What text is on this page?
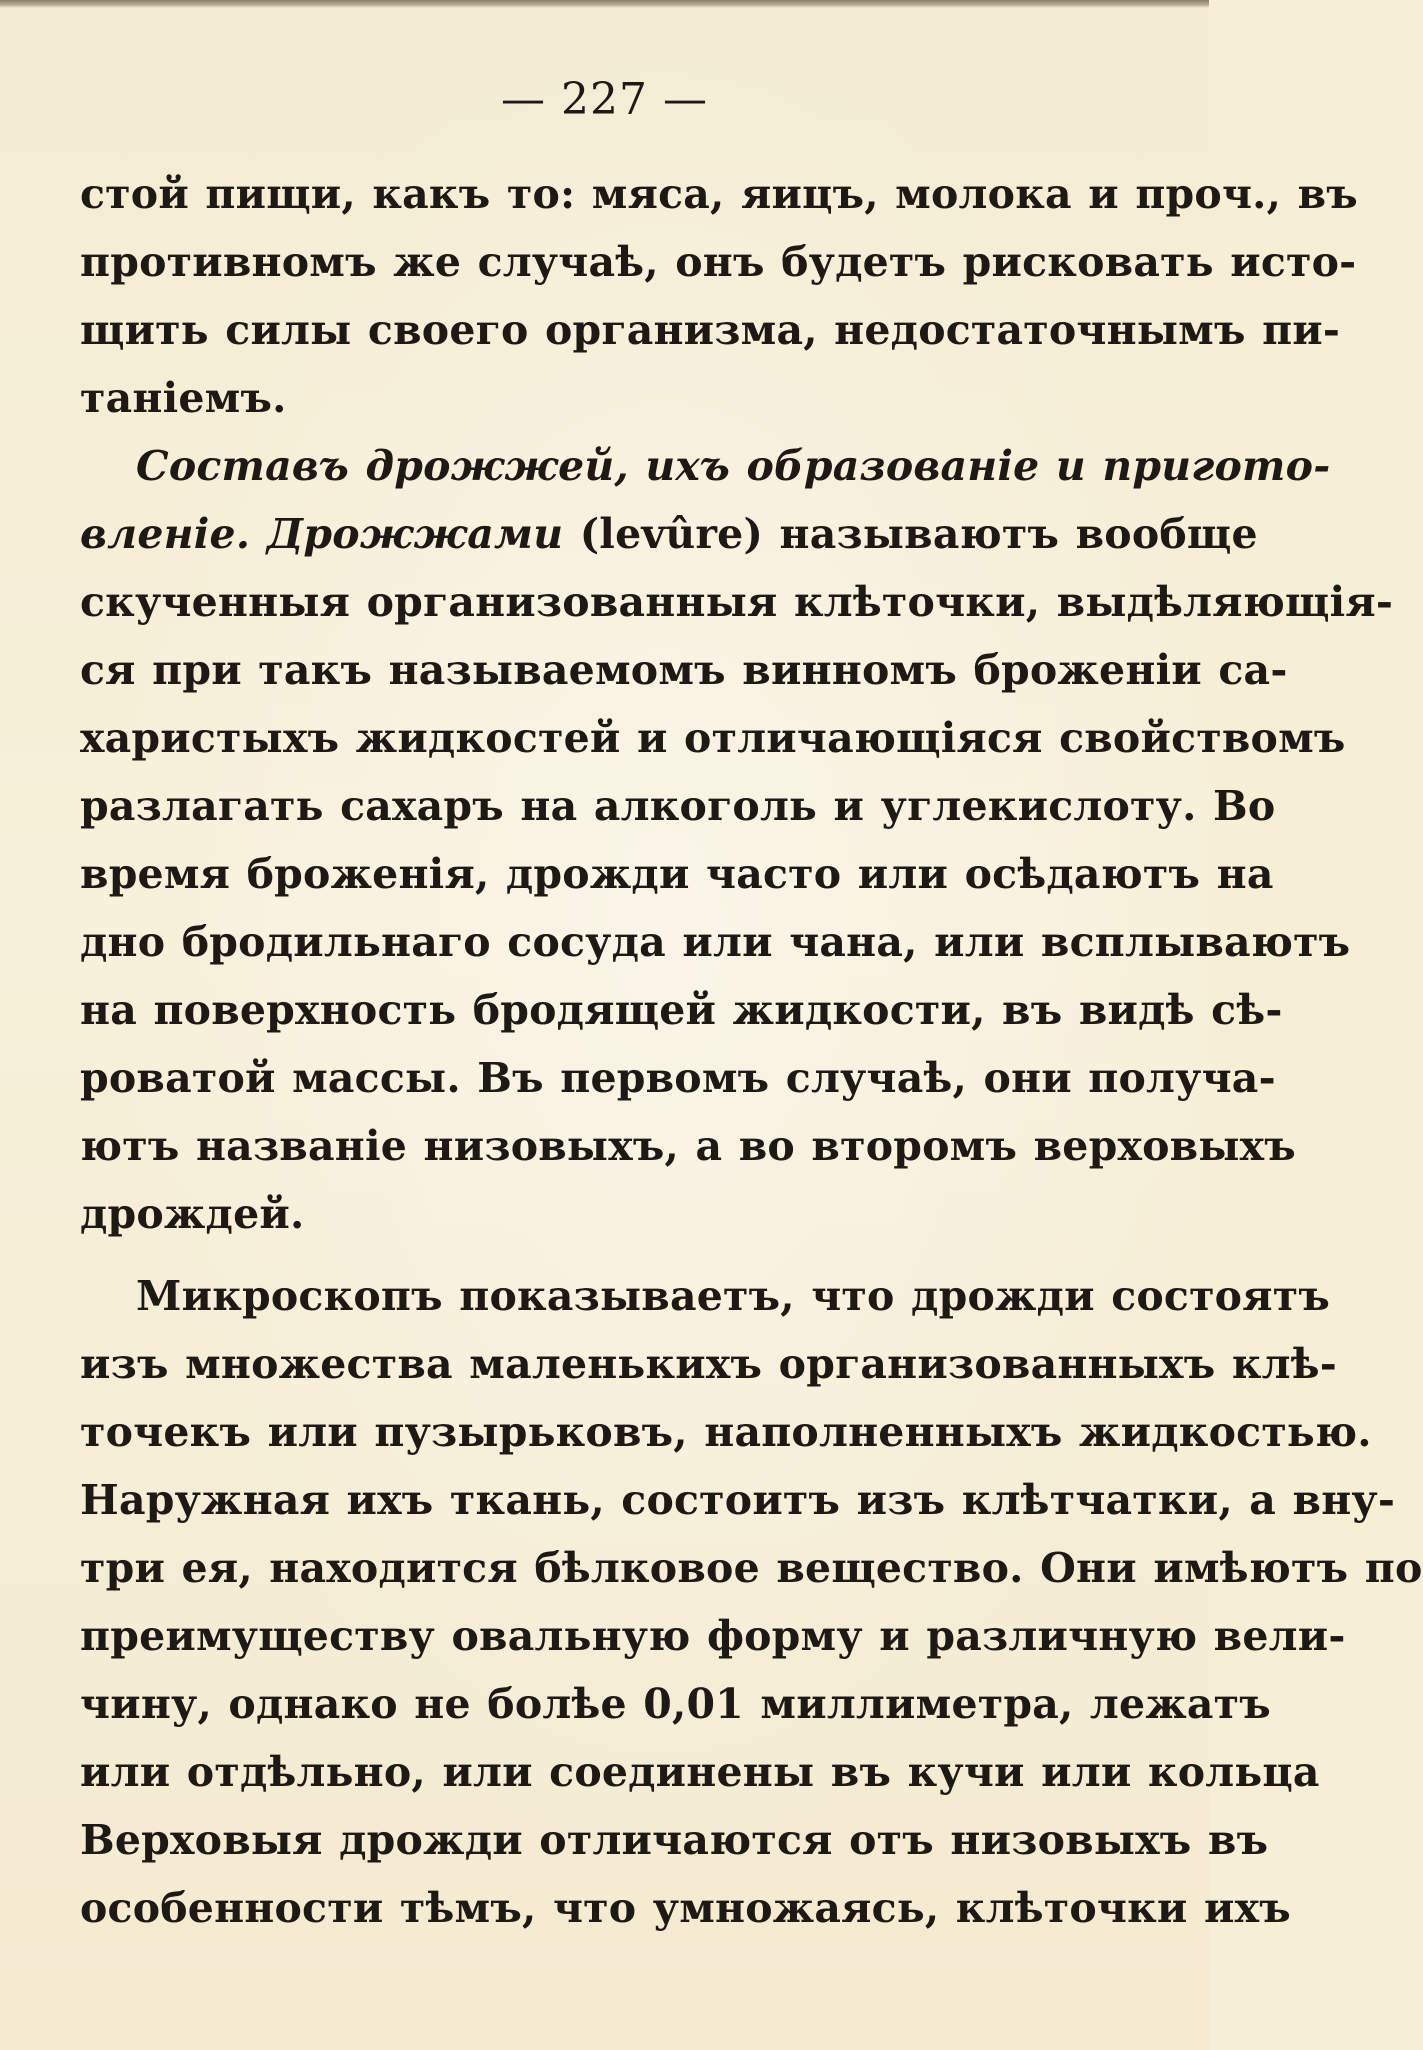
— 227 —
стой пищи, какъ то: мяса, яицъ, молока и проч., въ
противномъ же случаѣ, онъ будетъ рисковать исто-
щить силы своего организма, недостаточнымъ пи-
таніемъ.
Составъ дрожжей, ихъ образованіе и пригото-
вленіе. Дрожжами (levûre) называютъ вообще
скученныя организованныя клѣточки, выдѣляющія-
ся при такъ называемомъ винномъ броженіи са-
харистыхъ жидкостей и отличающіяся свойствомъ
разлагать сахаръ на алкоголь и углекислоту. Во
время броженія, дрожди часто или осѣдаютъ на
дно бродильнаго сосуда или чана, или всплываютъ
на поверхность бродящей жидкости, въ видѣ сѣ-
роватой массы. Въ первомъ случаѣ, они получа-
ютъ названіе низовыхъ, а во второмъ верховыхъ
дрождей.
Микроскопъ показываетъ, что дрожди состоятъ
изъ множества маленькихъ организованныхъ клѣ-
точекъ или пузырьковъ, наполненныхъ жидкостью.
Наружная ихъ ткань, состоитъ изъ клѣтчатки, а вну-
три ея, находится бѣлковое вещество. Они имѣютъ по
преимуществу овальную форму и различную вели-
чину, однако не болѣе 0,01 миллиметра, лежатъ
или отдѣльно, или соединены въ кучи или кольца
Верховыя дрожди отличаются отъ низовыхъ въ
особенности тѣмъ, что умножаясь, клѣточки ихъ
